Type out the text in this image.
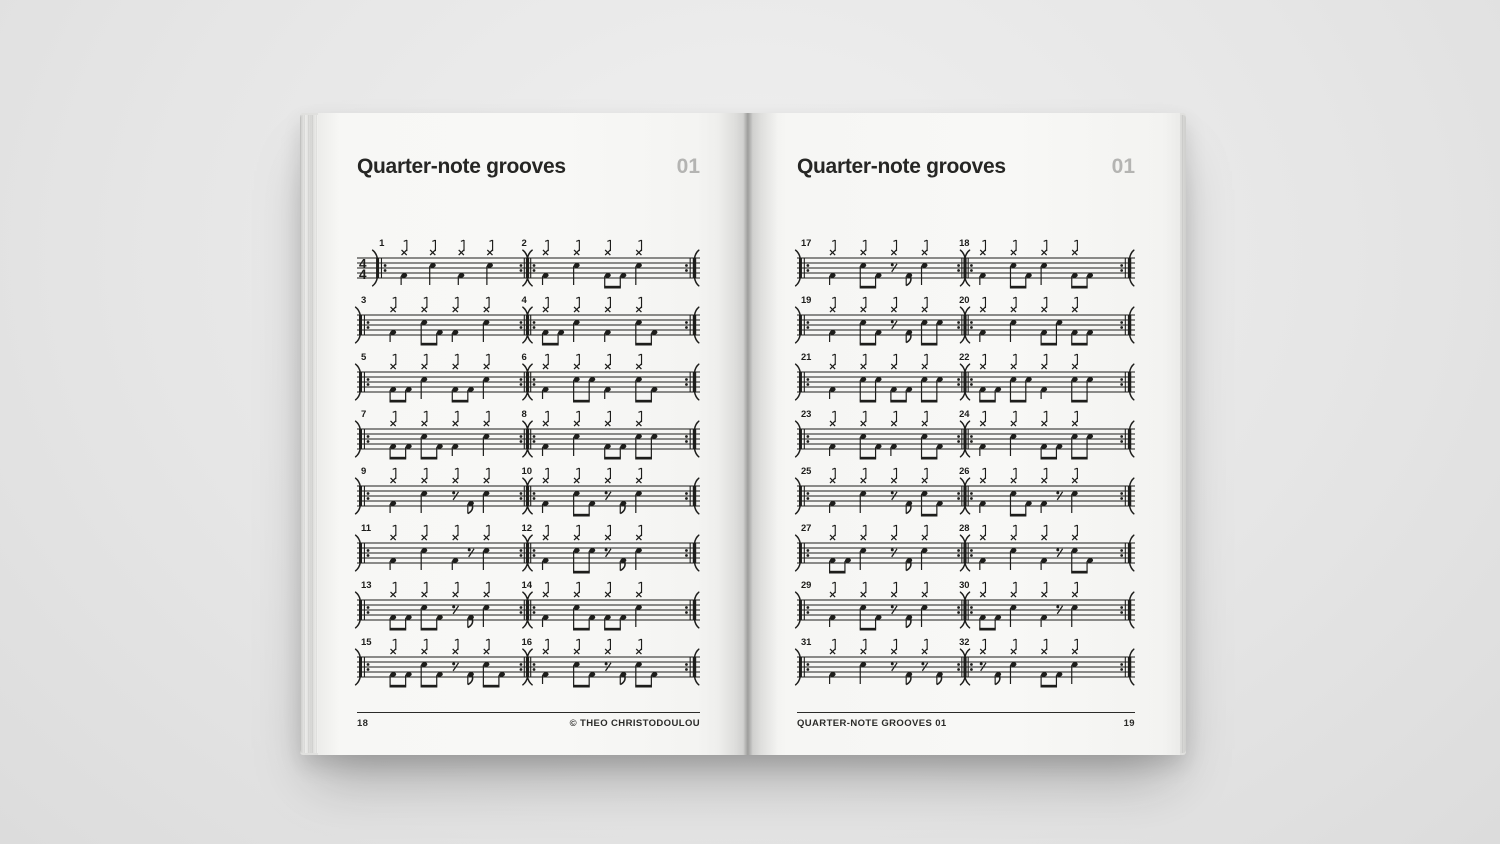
Quarter-note grooves	01
4
4
1	2
3	4
5	6
7	8
9	10
11	12
13	14
15	16
18	© THEO CHRISTODOULOU
Quarter-note grooves	01
17	18
19	20
21	22
23	24
25	26
27	28
29	30
31	32
QUARTER-NOTE GROOVES 01	19
